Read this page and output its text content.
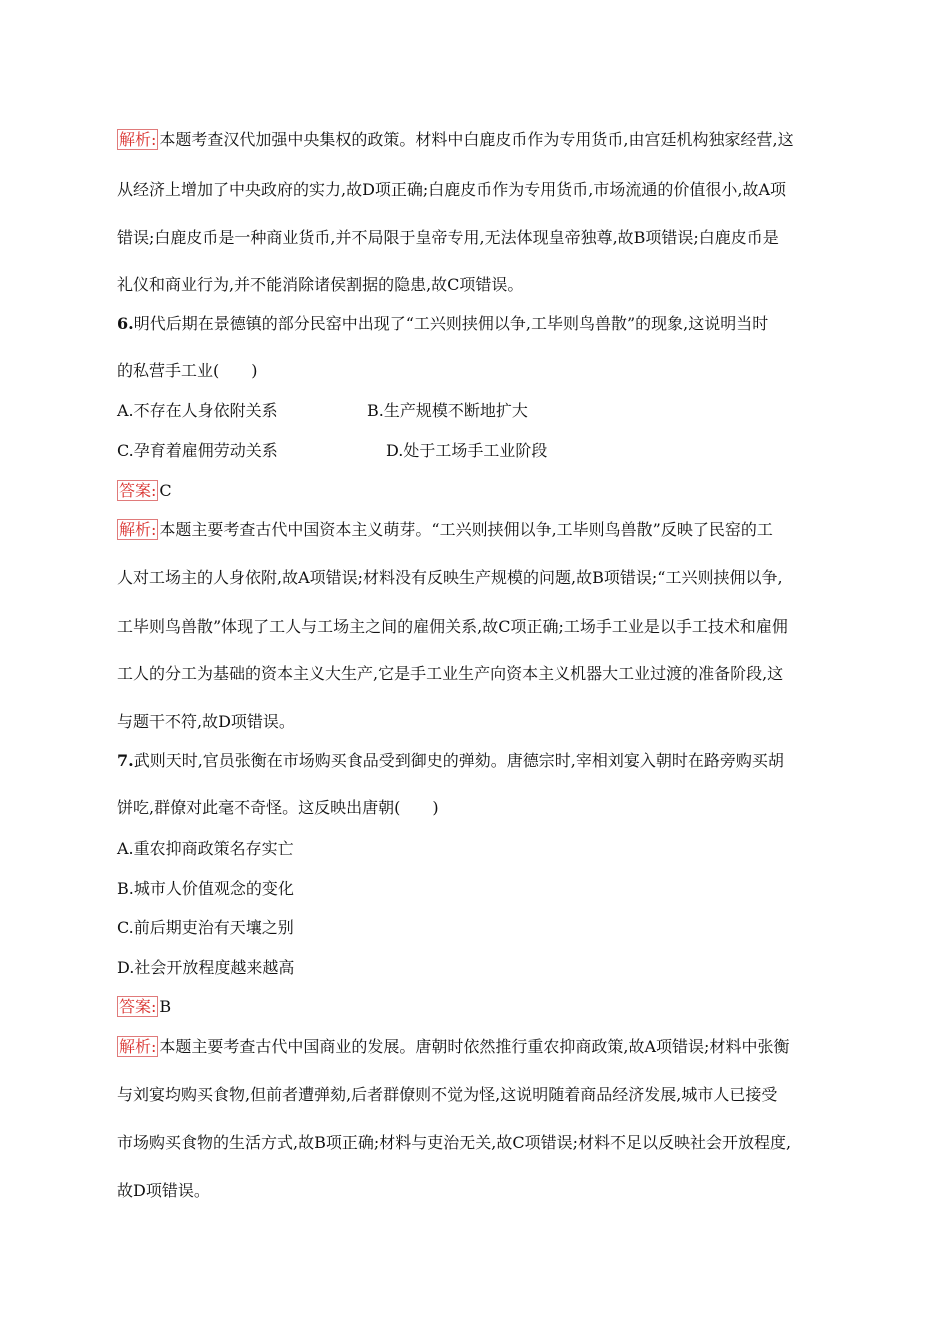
解析: 本题考查汉代加强中央集权的政策。材料中白鹿皮币作为专用货币,由宫廷机构独家经营,这
从经济上增加了中央政府的实力,故D项正确;白鹿皮币作为专用货币,市场流通的价值很小,故A项
错误;白鹿皮币是一种商业货币,并不局限于皇帝专用,无法体现皇帝独尊,故B项错误;白鹿皮币是
礼仪和商业行为,并不能消除诸侯割据的隐患,故C项错误。
6.明代后期在景德镇的部分民窑中出现了“工兴则挟佣以争,工毕则鸟兽散”的现象,这说明当时
的私营手工业(　　)
A.不存在人身依附关系	B.生产规模不断地扩大
C.孕育着雇佣劳动关系	D.处于工场手工业阶段
答案: C
解析: 本题主要考查古代中国资本主义萌芽。“工兴则挟佣以争,工毕则鸟兽散”反映了民窑的工
人对工场主的人身依附,故A项错误;材料没有反映生产规模的问题,故B项错误;“工兴则挟佣以争,
工毕则鸟兽散”体现了工人与工场主之间的雇佣关系,故C项正确;工场手工业是以手工技术和雇佣
工人的分工为基础的资本主义大生产,它是手工业生产向资本主义机器大工业过渡的准备阶段,这
与题干不符,故D项错误。
7.武则天时,官员张衡在市场购买食品受到御史的弹劾。唐德宗时,宰相刘宴入朝时在路旁购买胡
饼吃,群僚对此毫不奇怪。这反映出唐朝(　　)
A.重农抑商政策名存实亡
B.城市人价值观念的变化
C.前后期吏治有天壤之别
D.社会开放程度越来越高
答案: B
解析: 本题主要考查古代中国商业的发展。唐朝时依然推行重农抑商政策,故A项错误;材料中张衡
与刘宴均购买食物,但前者遭弹劾,后者群僚则不觉为怪,这说明随着商品经济发展,城市人已接受
市场购买食物的生活方式,故B项正确;材料与吏治无关,故C项错误;材料不足以反映社会开放程度,
故D项错误。
